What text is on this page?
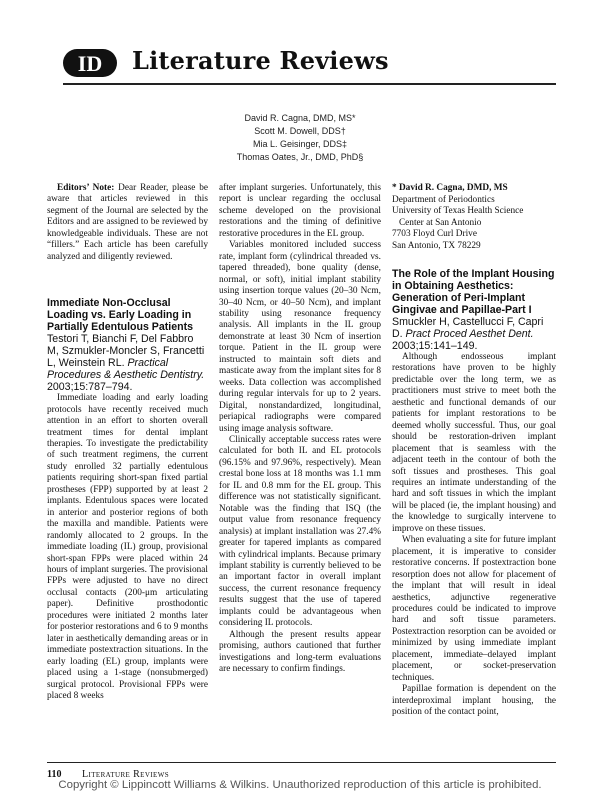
ID Literature Reviews
David R. Cagna, DMD, MS*
Scott M. Dowell, DDS†
Mia L. Geisinger, DDS‡
Thomas Oates, Jr., DMD, PhD§

Editors’ Note: Dear Reader, please be aware that articles reviewed in this segment of the Journal are selected by the Editors and are assigned to be reviewed by knowledgeable individuals. These are not “fillers.” Each article has been carefully analyzed and diligently reviewed.

Immediate Non-Occlusal Loading vs. Early Loading in Partially Edentulous Patients

Testori T, Bianchi F, Del Fabbro M, Szmukler-Moncler S, Francetti L, Weinstein RL. Practical Procedures & Aesthetic Dentistry. 2003;15:787–794.

Immediate loading and early loading protocols have recently received much attention in an effort to shorten overall treatment times for dental implant therapies. To investigate the predictability of such treatment regimens, the current study enrolled 32 partially edentulous patients requiring short-span fixed partial prostheses (FPP) supported by at least 2 implants. Edentulous spaces were located in anterior and posterior regions of both the maxilla and mandible. Patients were randomly allocated to 2 groups. In the immediate loading (IL) group, provisional short-span FPPs were placed within 24 hours of implant surgeries. The provisional FPPs were adjusted to have no direct occlusal contacts (200-μm articulating paper). Definitive prosthodontic procedures were initiated 2 months later for posterior restorations and 6 to 9 months later in aesthetically demanding areas or in immediate postextraction situations. In the early loading (EL) group, implants were placed using a 1-stage (nonsubmerged) surgical protocol. Provisional FPPs were placed 8 weeks

after implant surgeries. Unfortunately, this report is unclear regarding the occlusal scheme developed on the provisional restorations and the timing of definitive restorative procedures in the EL group.

Variables monitored included success rate, implant form (cylindrical threaded vs. tapered threaded), bone quality (dense, normal, or soft), initial implant stability using insertion torque values (20–30 Ncm, 30–40 Ncm, or 40–50 Ncm), and implant stability using resonance frequency analysis. All implants in the IL group demonstrate at least 30 Ncm of insertion torque. Patient in the IL group were instructed to maintain soft diets and masticate away from the implant sites for 8 weeks. Data collection was accomplished during regular intervals for up to 2 years. Digital, nonstandardized, longitudinal, periapical radiographs were compared using image analysis software.

Clinically acceptable success rates were calculated for both IL and EL protocols (96.15% and 97.96%, respectively). Mean crestal bone loss at 18 months was 1.1 mm for IL and 0.8 mm for the EL group. This difference was not statistically significant. Notable was the finding that ISQ (the output value from resonance frequency analysis) at implant installation was 27.4% greater for tapered implants as compared with cylindrical implants. Because primary implant stability is currently believed to be an important factor in overall implant success, the current resonance frequency results suggest that the use of tapered implants could be advantageous when considering IL protocols.

Although the present results appear promising, authors cautioned that further investigations and long-term evaluations are necessary to confirm findings.

* David R. Cagna, DMD, MS
Department of Periodontics
University of Texas Health Science
Center at San Antonio
7703 Floyd Curl Drive
San Antonio, TX 78229

The Role of the Implant Housing in Obtaining Aesthetics: Generation of Peri-Implant Gingivae and Papillae-Part I

Smuckler H, Castellucci F, Capri D. Pract Proced Aesthet Dent. 2003;15:141–149.

Although endosseous implant restorations have proven to be highly predictable over the long term, we as practitioners must strive to meet both the aesthetic and functional demands of our patients for implant restorations to be deemed wholly successful. Thus, our goal should be restoration-driven implant placement that is seamless with the adjacent teeth in the contour of both the soft tissues and prostheses. This goal requires an intimate understanding of the hard and soft tissues in which the implant will be placed (ie, the implant housing) and the knowledge to surgically intervene to improve on these tissues.

When evaluating a site for future implant placement, it is imperative to consider restorative concerns. If postextraction bone resorption does not allow for placement of the implant that will result in ideal aesthetics, adjunctive regenerative procedures could be indicated to improve hard and soft tissue parameters. Postextraction resorption can be avoided or minimized by using immediate implant placement, immediate–delayed implant placement, or socket-preservation techniques.

Papillae formation is dependent on the interdeproximal implant housing, the position of the contact point,

110 Literature Reviews
Copyright © Lippincott Williams & Wilkins. Unauthorized reproduction of this article is prohibited.
